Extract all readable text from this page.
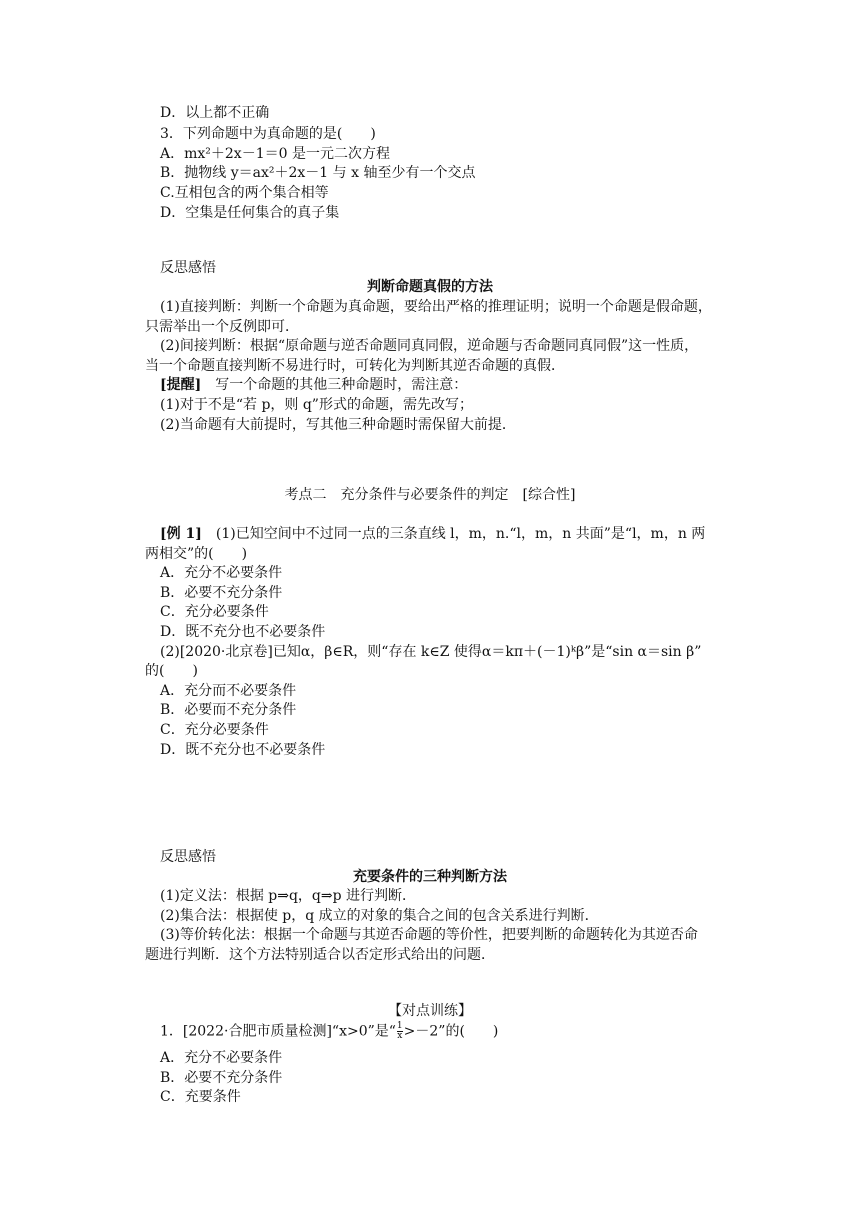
D．以上都不正确
3．下列命题中为真命题的是(　　)
A．mx²＋2x－1＝0 是一元二次方程
B．抛物线 y＝ax²＋2x－1 与 x 轴至少有一个交点
C.互相包含的两个集合相等
D．空集是任何集合的真子集
反思感悟
判断命题真假的方法
(1)直接判断：判断一个命题为真命题，要给出严格的推理证明；说明一个命题是假命题，
只需举出一个反例即可．
(2)间接判断：根据“原命题与逆否命题同真同假，逆命题与否命题同真同假”这一性质，
当一个命题直接判断不易进行时，可转化为判断其逆否命题的真假．
[提醒]　写一个命题的其他三种命题时，需注意：
(1)对于不是“若 p，则 q”形式的命题，需先改写；
(2)当命题有大前提时，写其他三种命题时需保留大前提．
考点二　充分条件与必要条件的判定　[综合性]
[例 1]　(1)已知空间中不过同一点的三条直线 l，m，n.“l，m，n 共面”是“l，m，n 两
两相交”的(　　)
A．充分不必要条件
B．必要不充分条件
C．充分必要条件
D．既不充分也不必要条件
(2)[2020·北京卷]已知α，β∈R，则“存在 k∈Z 使得α＝kπ＋(－1)ᵏβ”是“sin α＝sin β”
的(　　)
A．充分而不必要条件
B．必要而不充分条件
C．充分必要条件
D．既不充分也不必要条件
反思感悟
充要条件的三种判断方法
(1)定义法：根据 p⇒q，q⇒p 进行判断．
(2)集合法：根据使 p，q 成立的对象的集合之间的包含关系进行判断．
(3)等价转化法：根据一个命题与其逆否命题的等价性，把要判断的命题转化为其逆否命
题进行判断．这个方法特别适合以否定形式给出的问题．
【对点训练】
1．[2022·合肥市质量检测]“x>0”是“ $\frac{1}{x} >-2$”的(　　)
A．充分不必要条件
B．必要不充分条件
C．充要条件
